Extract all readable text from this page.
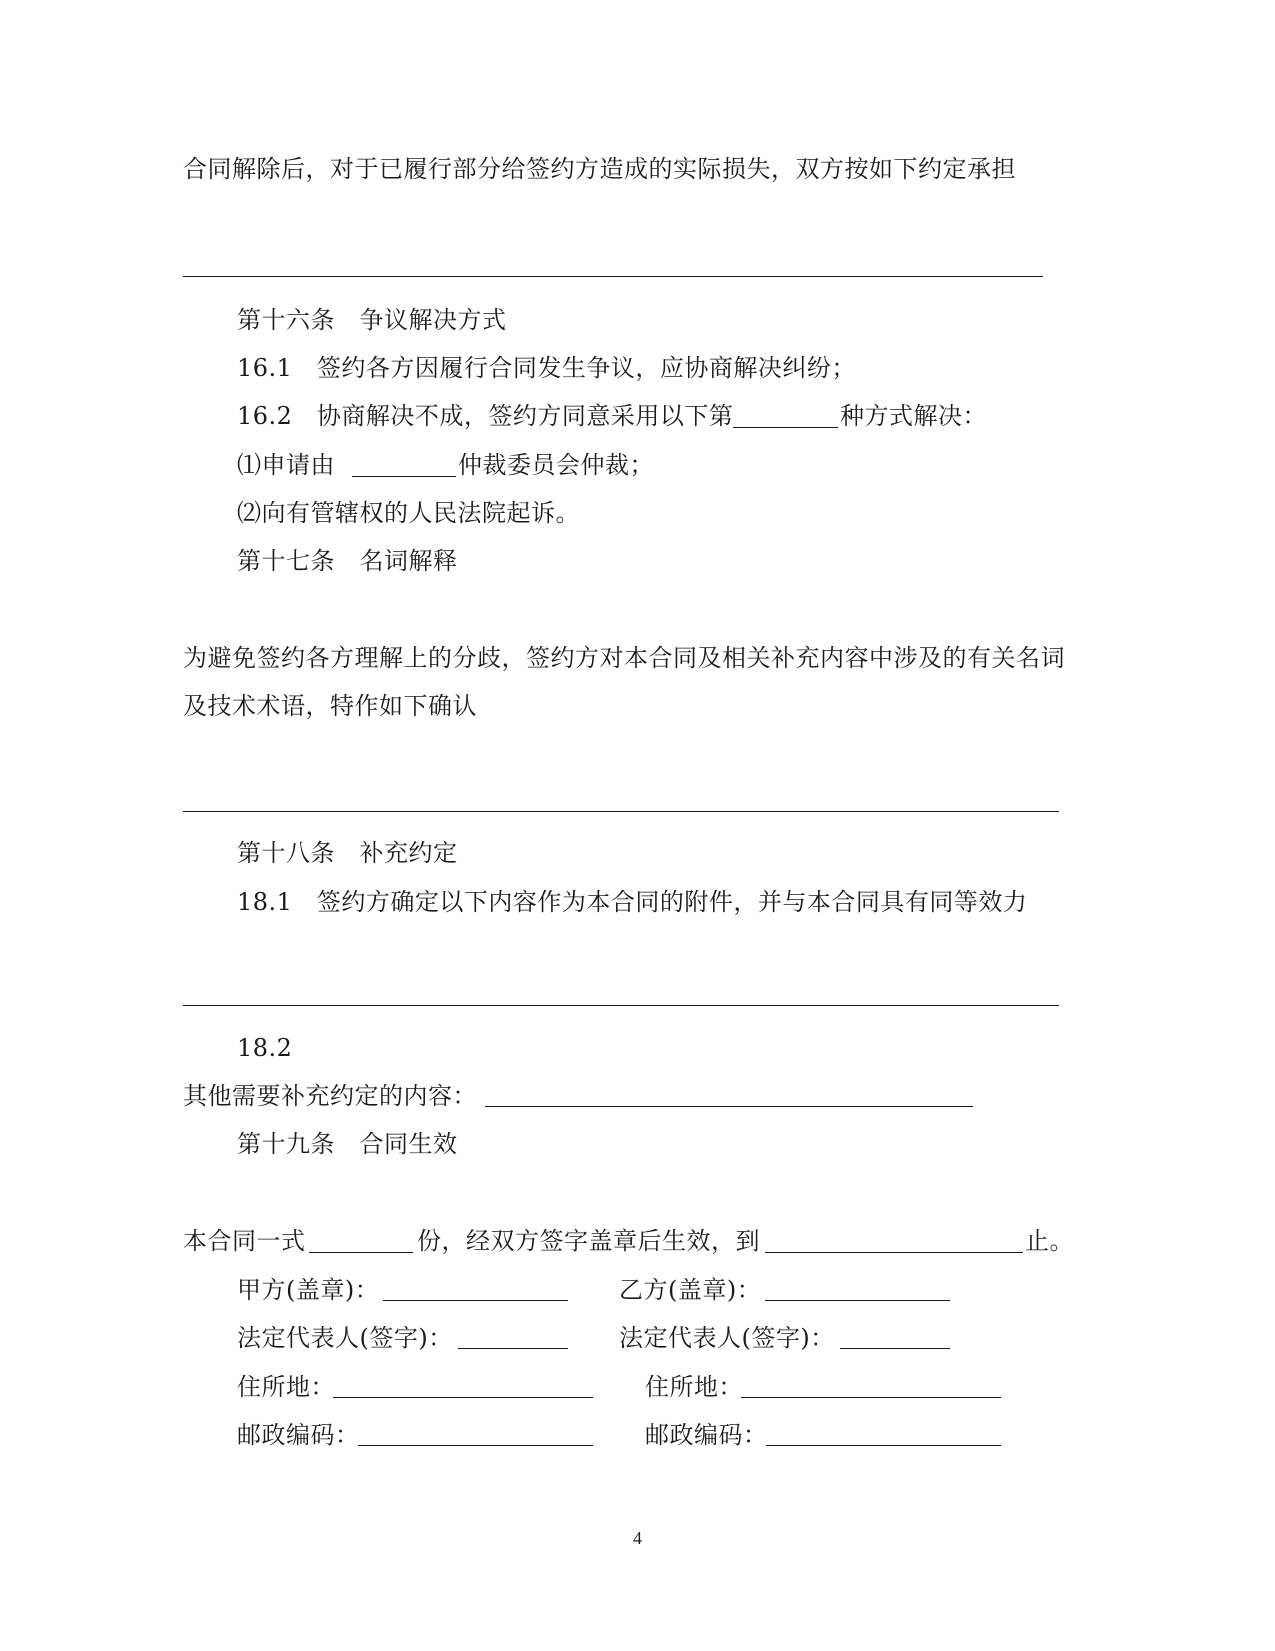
合同解除后，对于已履行部分给签约方造成的实际损失，双方按如下约定承担
第十六条　争议解决方式
16.1　签约各方因履行合同发生争议，应协商解决纠纷；
16.2　协商解决不成，签约方同意采用以下第	种方式解决：
⑴申请由	仲裁委员会仲裁；
⑵向有管辖权的人民法院起诉。
第十七条　名词解释
为避免签约各方理解上的分歧，签约方对本合同及相关补充内容中涉及的有关名词
及技术术语，特作如下确认
第十八条　补充约定
18.1　签约方确定以下内容作为本合同的附件，并与本合同具有同等效力
18.2
其他需要补充约定的内容：
第十九条　合同生效
本合同一式	份，经双方签字盖章后生效，到	止。
甲方(盖章)：	乙方(盖章)：
法定代表人(签字)：	法定代表人(签字)：
住所地：	住所地：
邮政编码：	邮政编码：
4
